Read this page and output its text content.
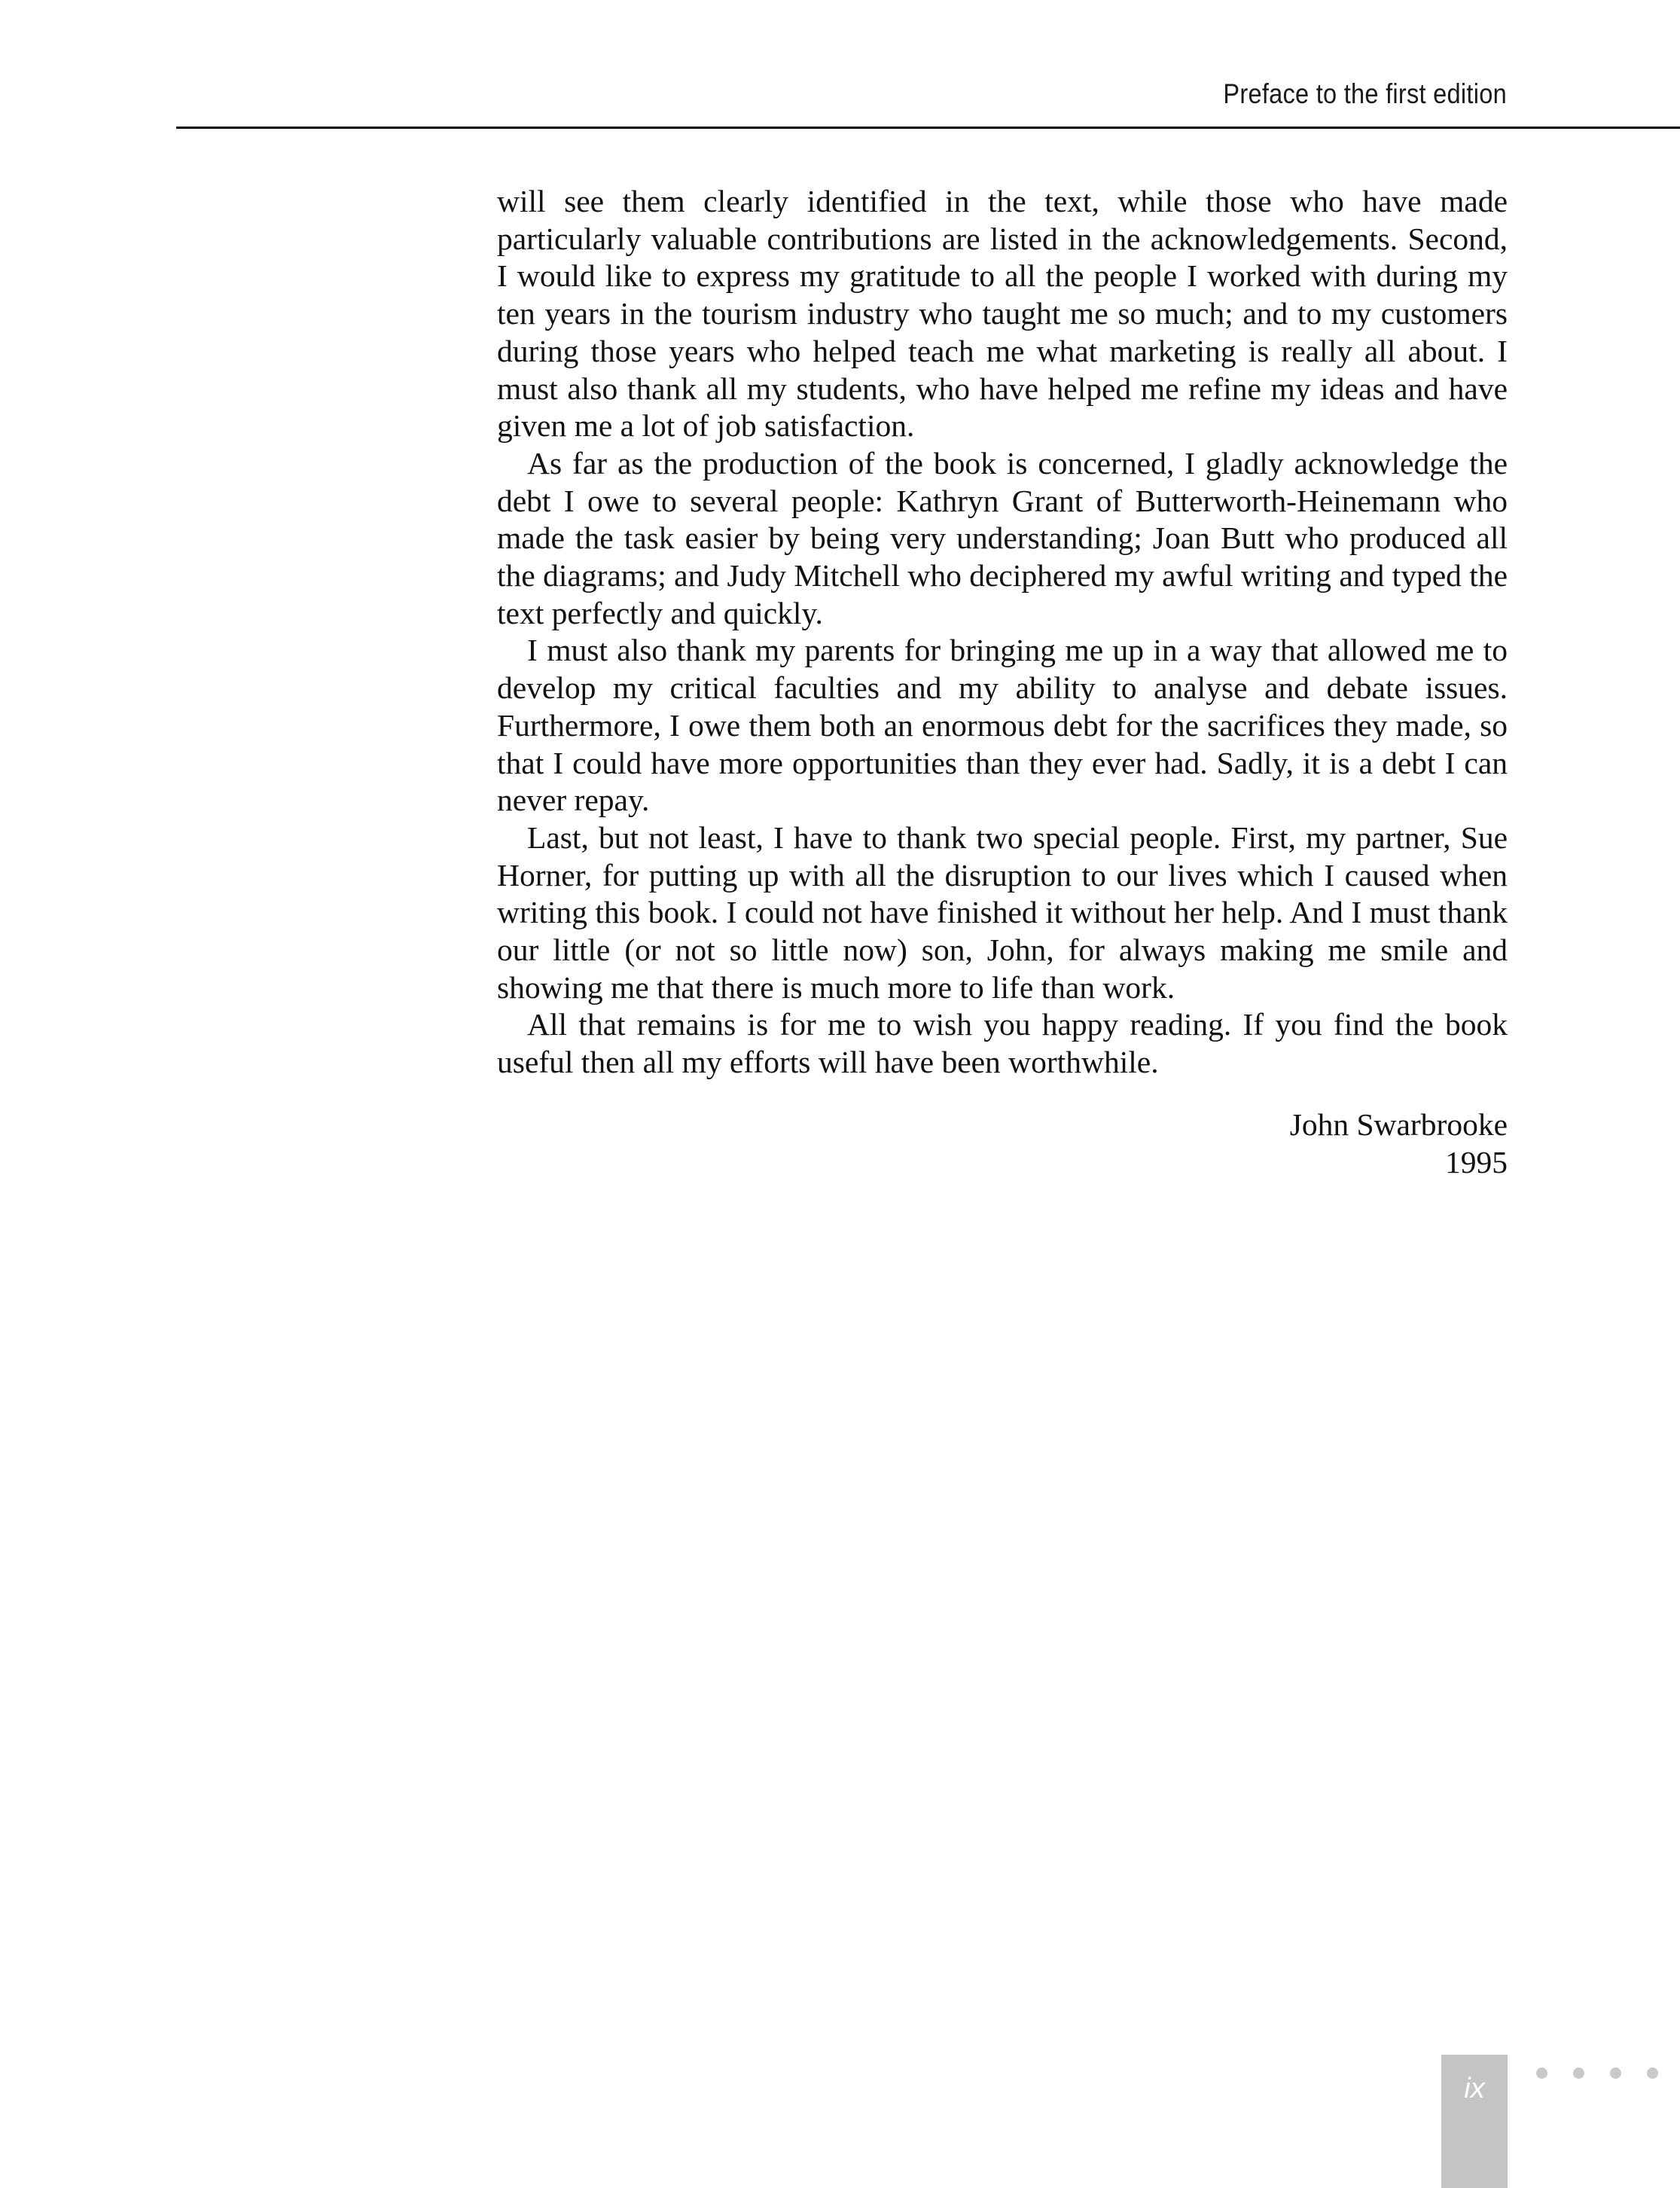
Preface to the first edition

will see them clearly identified in the text, while those who have made particularly valuable contributions are listed in the acknowledgements. Second, I would like to express my gratitude to all the people I worked with during my ten years in the tourism industry who taught me so much; and to my customers during those years who helped teach me what marketing is really all about. I must also thank all my students, who have helped me refine my ideas and have given me a lot of job satisfaction.

As far as the production of the book is concerned, I gladly acknowledge the debt I owe to several people: Kathryn Grant of Butterworth-Heinemann who made the task easier by being very understanding; Joan Butt who produced all the diagrams; and Judy Mitchell who deciphered my awful writing and typed the text perfectly and quickly.

I must also thank my parents for bringing me up in a way that allowed me to develop my critical faculties and my ability to analyse and debate issues. Furthermore, I owe them both an enormous debt for the sacrifices they made, so that I could have more opportunities than they ever had. Sadly, it is a debt I can never repay.

Last, but not least, I have to thank two special people. First, my partner, Sue Horner, for putting up with all the disruption to our lives which I caused when writing this book. I could not have finished it without her help. And I must thank our little (or not so little now) son, John, for always making me smile and showing me that there is much more to life than work.

All that remains is for me to wish you happy reading. If you find the book useful then all my efforts will have been worthwhile.

John Swarbrooke
1995
ix
